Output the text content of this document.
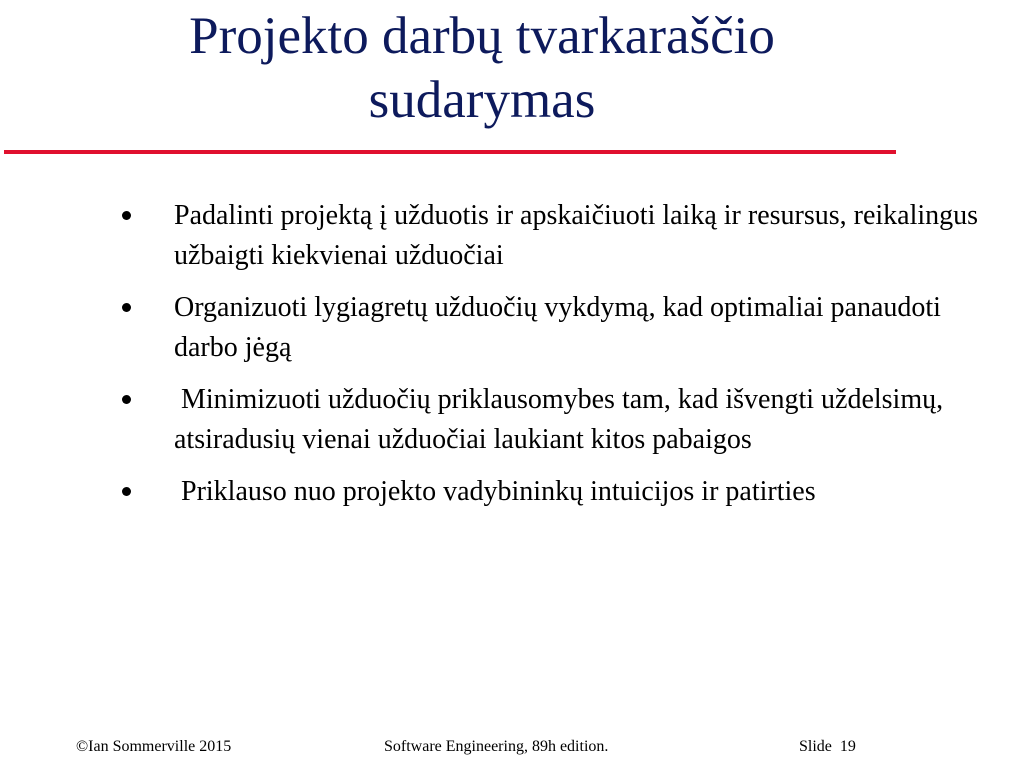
Projekto darbų tvarkaraščio
sudarymas
Padalinti projektą į užduotis ir apskaičiuoti laiką ir resursus, reikalingus užbaigti kiekvienai užduočiai
Organizuoti lygiagretų užduočių vykdymą, kad optimaliai panaudoti darbo jėgą
Minimizuoti užduočių priklausomybes tam, kad išvengti uždelsimų, atsiradusių vienai užduočiai laukiant kitos pabaigos
Priklauso nuo projekto vadybininkų intuicijos ir patirties
©Ian Sommerville 2015	Software Engineering, 89h edition.	Slide  19
